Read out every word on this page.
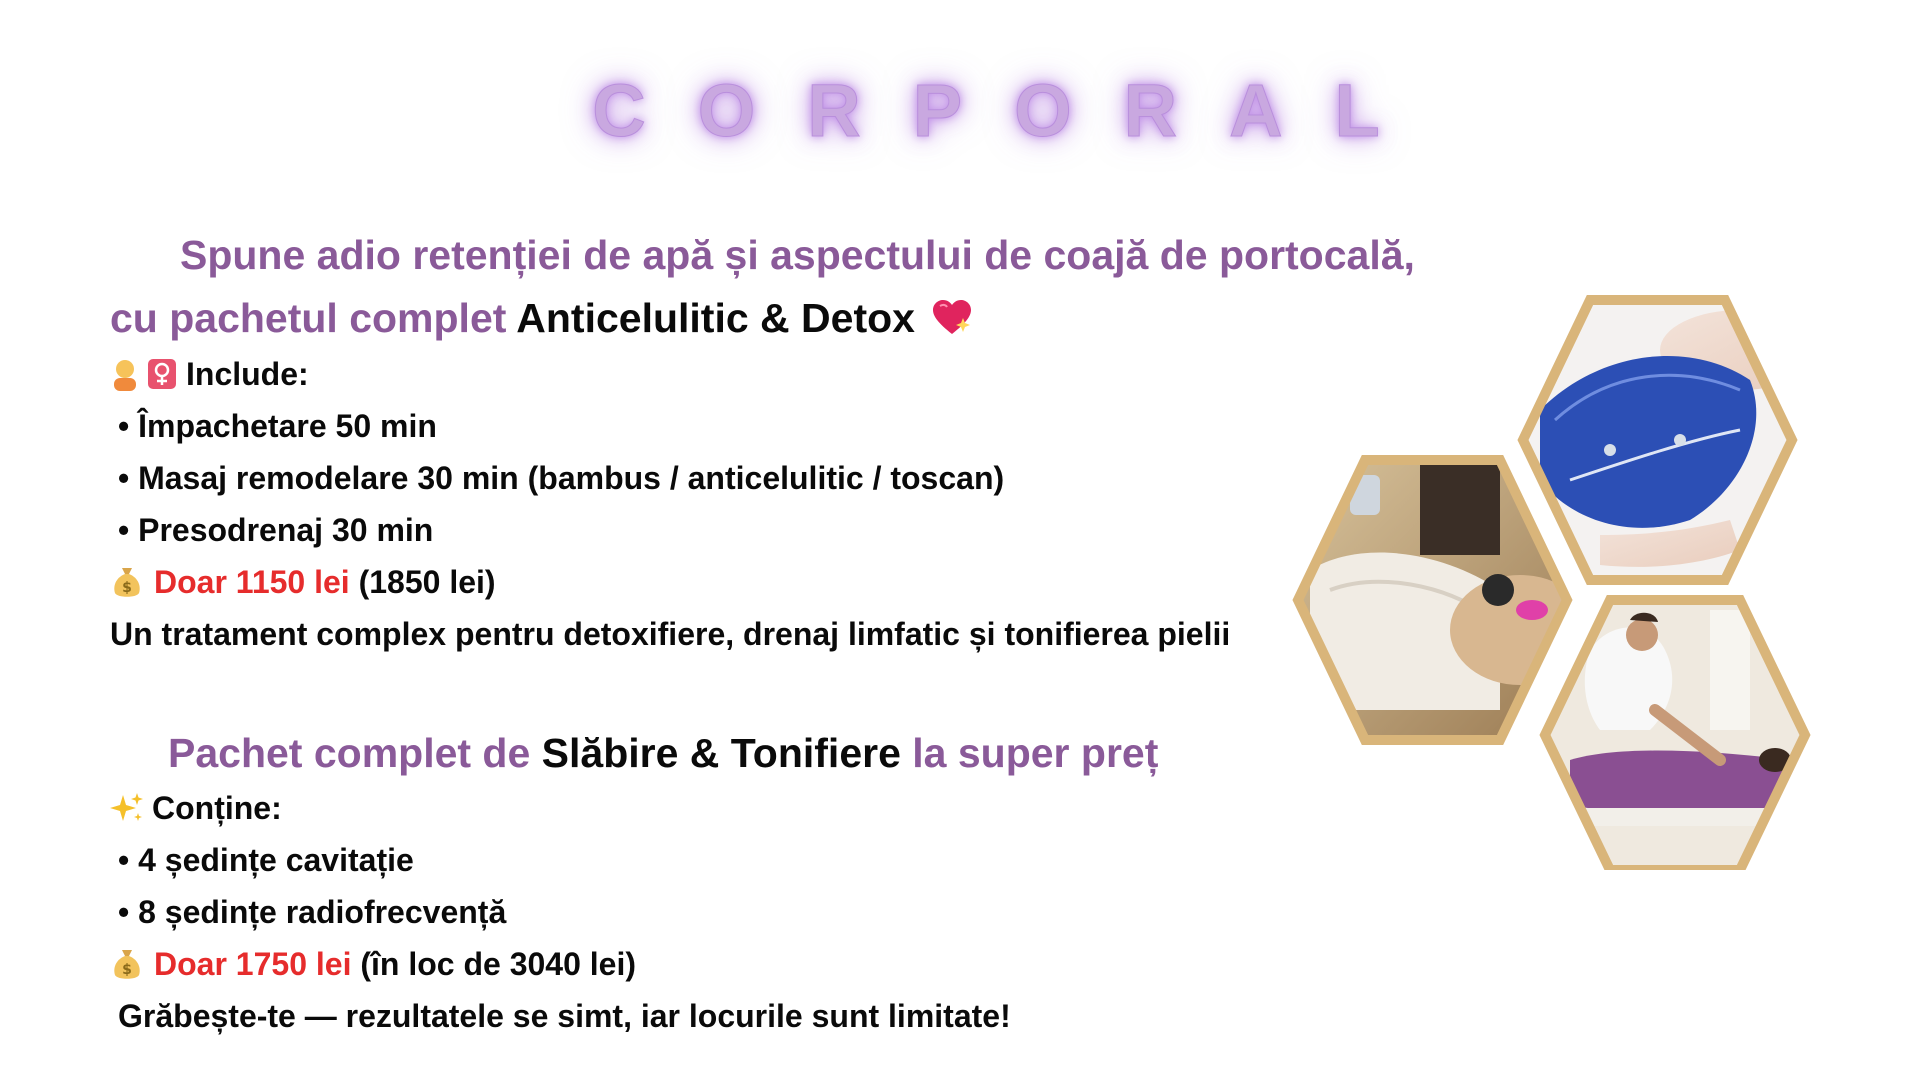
CORPORAL
Spune adio retenției de apă și aspectului de coajă de portocală,
cu pachetul complet Anticelulitic & Detox
Include:
• Împachetare 50 min
• Masaj remodelare 30 min (bambus / anticelulitic / toscan)
• Presodrenaj 30 min
$ Doar 1150 lei (1850 lei)
Un tratament complex pentru detoxifiere, drenaj limfatic și tonifierea pielii
Pachet complet de Slăbire & Tonifiere la super preț
Conține:
• 4 ședințe cavitație
• 8 ședințe radiofrecvență
$ Doar 1750 lei (în loc de 3040 lei)
Grăbește-te — rezultatele se simt, iar locurile sunt limitate!
